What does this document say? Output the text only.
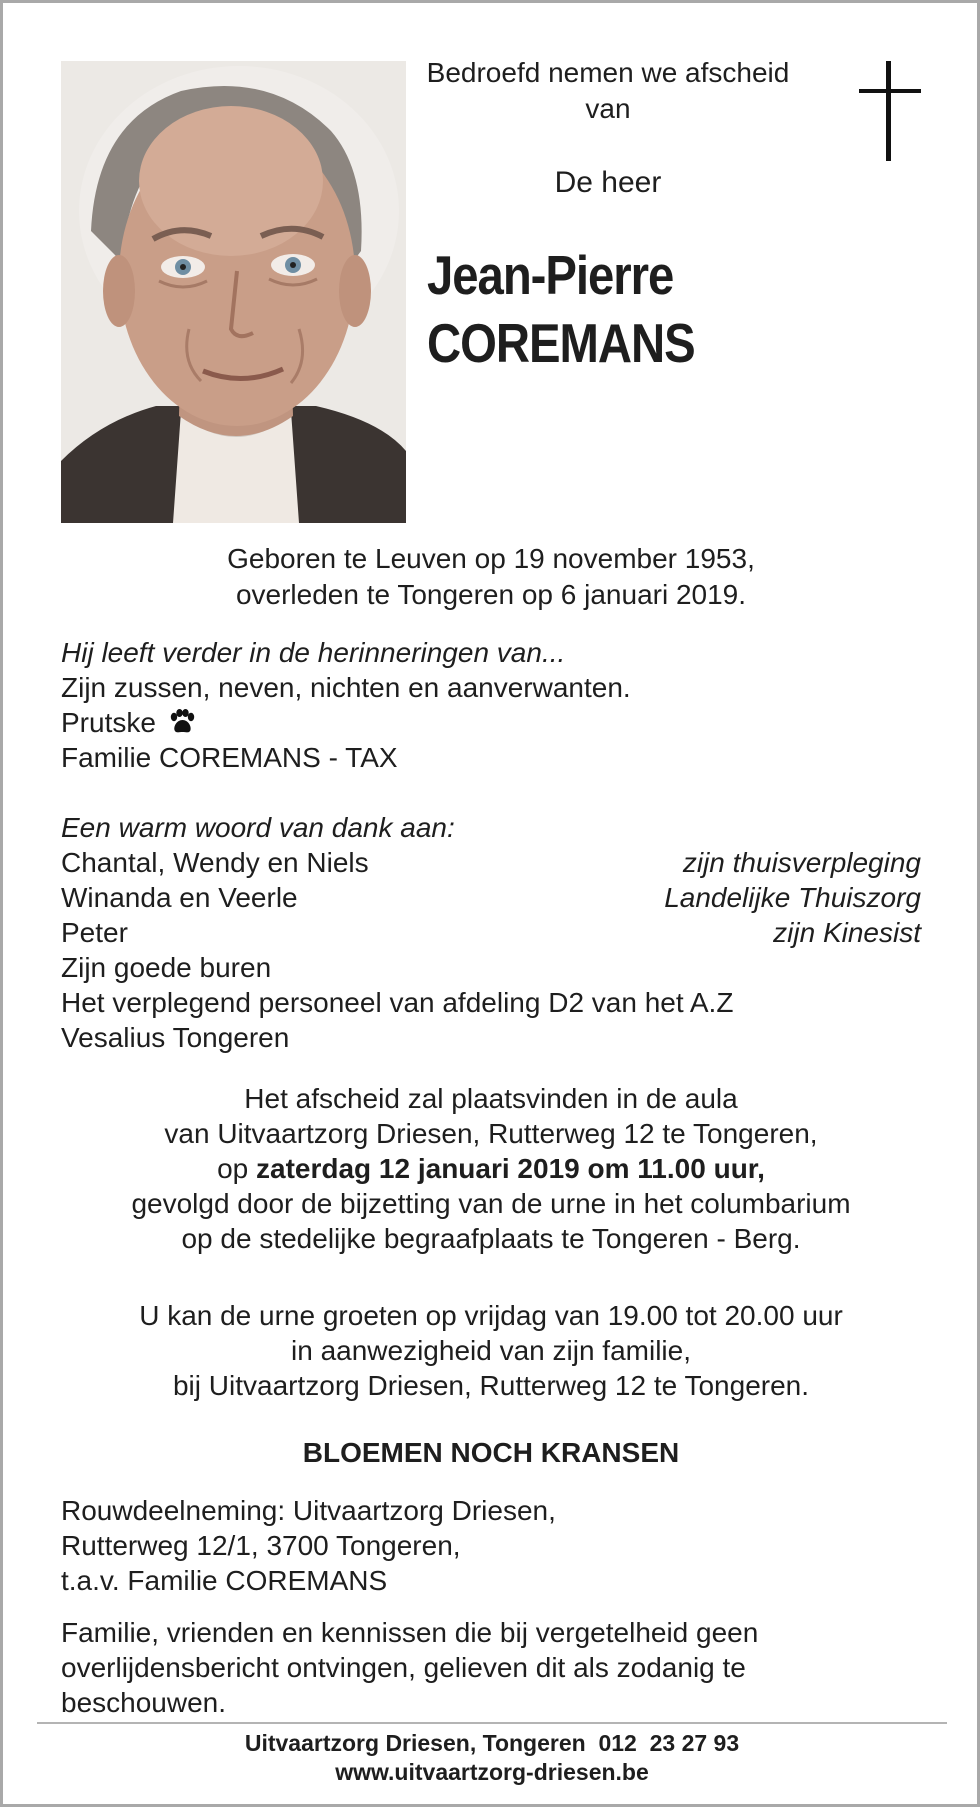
Bedroefd nemen we afscheid
van
De heer
Jean-Pierre
COREMANS
Geboren te Leuven op 19 november 1953,
overleden te Tongeren op 6 januari 2019.
Hij leeft verder in de herinneringen van...
Zijn zussen, neven, nichten en aanverwanten.
Prutske
Familie COREMANS - TAX
Een warm woord van dank aan:
Chantal, Wendy en Niels	zijn thuisverpleging
Winanda en Veerle	Landelijke Thuiszorg
Peter	zijn Kinesist
Zijn goede buren
Het verplegend personeel van afdeling D2 van het A.Z
Vesalius Tongeren
Het afscheid zal plaatsvinden in de aula
van Uitvaartzorg Driesen, Rutterweg 12 te Tongeren,
op zaterdag 12 januari 2019 om 11.00 uur,
gevolgd door de bijzetting van de urne in het columbarium
op de stedelijke begraafplaats te Tongeren - Berg.
U kan de urne groeten op vrijdag van 19.00 tot 20.00 uur
in aanwezigheid van zijn familie,
bij Uitvaartzorg Driesen, Rutterweg 12 te Tongeren.
BLOEMEN NOCH KRANSEN
Rouwdeelneming: Uitvaartzorg Driesen,
Rutterweg 12/1, 3700 Tongeren,
t.a.v. Familie COREMANS
Familie, vrienden en kennissen die bij vergetelheid geen
overlijdensbericht ontvingen, gelieven dit als zodanig te
beschouwen.
Uitvaartzorg Driesen, Tongeren 012  23 27 93
www.uitvaartzorg-driesen.be
